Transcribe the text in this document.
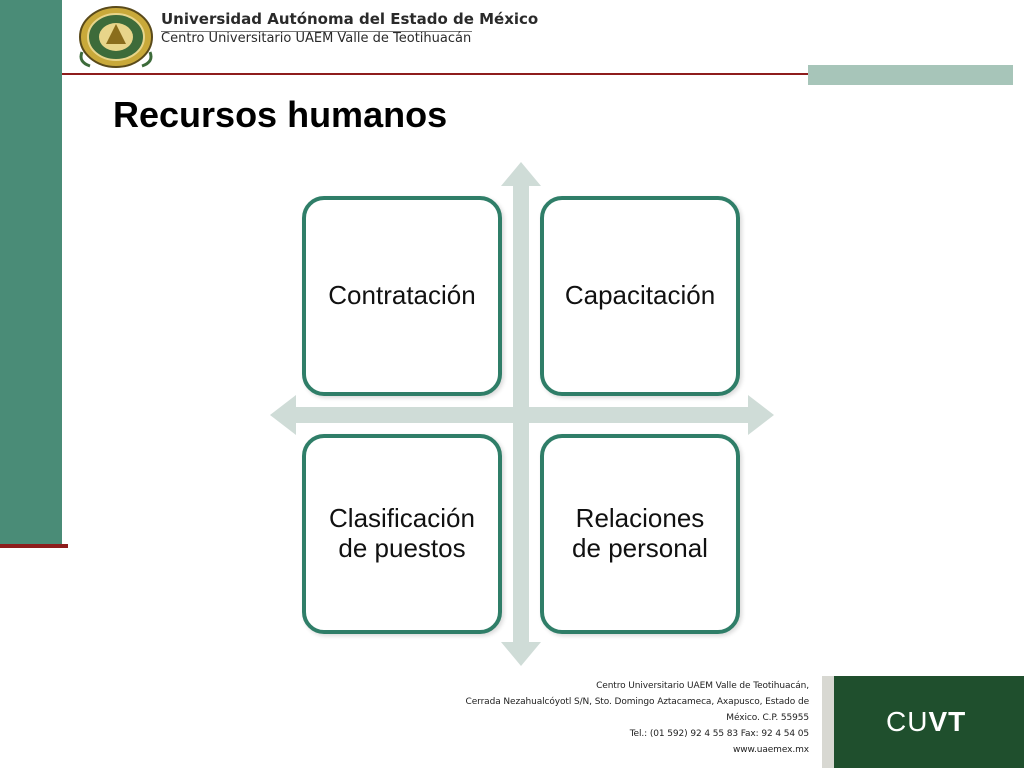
Universidad Autónoma del Estado de México
Centro Universitario UAEM Valle de Teotihuacán
Recursos humanos
Contratación	Capacitación
Clasificación
de puestos
Relaciones
de personal
Centro Universitario UAEM Valle de Teotihuacán,
Cerrada Nezahualcóyotl S/N, Sto. Domingo Aztacameca, Axapusco, Estado de
México. C.P. 55955
Tel.: (01 592) 92 4 55 83 Fax: 92 4 54 05
www.uaemex.mx
CUVT
